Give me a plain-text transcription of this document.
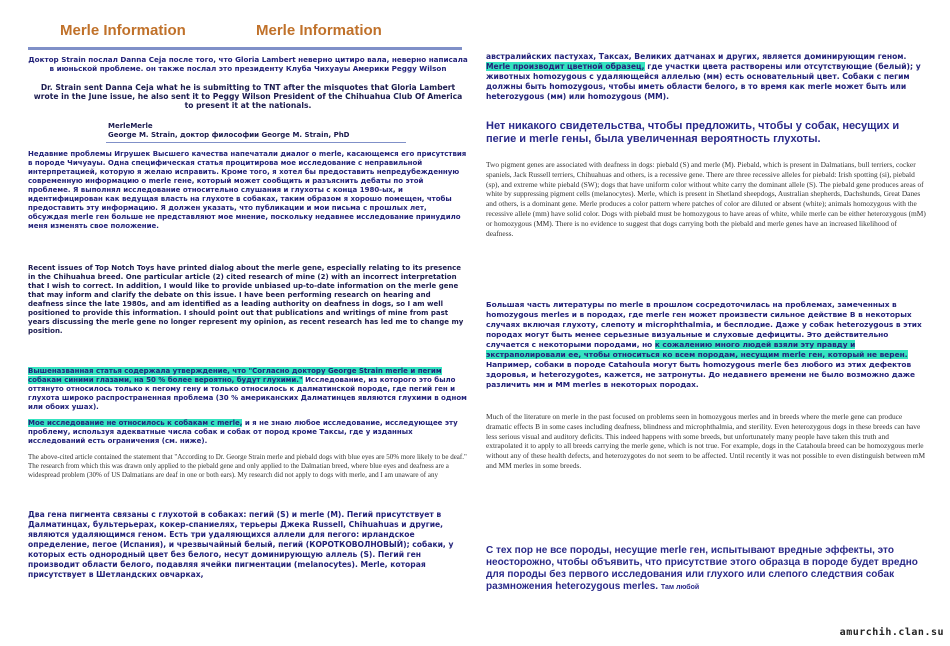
Merle Information	Merle Information
Доктор Strain послал Danna Ceja после того, что Gloria Lambert неверно цитиро вала, неверно написала в июньской проблеме. он также послал это президенту Клуба Чихуауы Америки Peggy Wilson
Dr. Strain sent Danna Ceja what he is submitting to TNT after the misquotes that Gloria Lambert wrote in the June issue, he also sent it to Peggy Wilson President of the Chihuahua Club Of America to present it at the nationals.
MerleMerle
George M. Strain, доктор философии George M. Strain, PhD
Недавние проблемы Игрушек Высшего качества напечатали диалог о merle, касающемся его присутствия в породе Чичуауы. Одна специфическая статья процитирова мое исследование с неправильной интерпретацией, которую я желаю исправить. Кроме того, я хотел бы предоставить непредубежденную современную информацию о merle гене, который может сообщить и разъяснить дебаты по этой проблеме. Я выполнял исследование относительно слушания и глухоты с конца 1980-ых, и идентифицирован как ведущая власть на глухоте в собаках, таким образом я хорошо помещен, чтобы предоставить эту информацию. Я должен указать, что публикации и мои письма с прошлых лет, обсуждая merle ген больше не представляют мое мнение, поскольку недавнее исследование принудило меня изменять свое положение.
Recent issues of Top Notch Toys have printed dialog about the merle gene, especially relating to its presence in the Chihuahua breed. One particular article (2) cited research of mine (2) with an incorrect interpretation that I wish to correct. In addition, I would like to provide unbiased up-to-date information on the merle gene that may inform and clarify the debate on this issue. I have been performing research on hearing and deafness since the late 1980s, and am identified as a leading authority on deafness in dogs, so I am well positioned to provide this information. I should point out that publications and writings of mine from past years discussing the merle gene no longer represent my opinion, as recent research has led me to change my position.
Вышеназванная статья содержала утверждение, что "Согласно доктору George Strain merle и пегим собакам синими глазами, на 50 % более вероятно, будут глухими." Исследование, из которого это было оттянуто относилось только к пегому гену и только относилось к далматинской породе, где пегий ген и глухота широко распространенная проблема (30 % американских Далматинцев являются глухими в одном или обоих ушах).
Мое исследование не относилось к собакам с merle, и я не знаю любое исследование, исследующее эту проблему, используя адекватные числа собак и собак от пород кроме Таксы, где у изданных исследований есть ограничения (см. ниже).
The above-cited article contained the statement that "According to Dr. George Strain merle and piebald dogs with blue eyes are 50% more likely to be deaf." The research from which this was drawn only applied to the piebald gene and only applied to the Dalmatian breed, where blue eyes and deafness are a widespread problem (30% of US Dalmatians are deaf in one or both ears). My research did not apply to dogs with merle, and I am unaware of any
Два гена пигмента связаны с глухотой в собаках: пегий (S) и merle (M). Пегий присутствует в Далматинцах, бультерьерах, кокер-спаниелях, терьеры Джека Russell, Chihuahuas и другие, являются удаляющимся геном. Есть три удаляющихся аллели для пегого: ирландское определение, пегое (Испания), и чрезвычайный белый, пегий (КОРОТКОВОЛНОВЫЙ); собаки, у которых есть однородный цвет без белого, несут доминирующую аллель (S). Пегий ген производит области белого, подавляя ячейки пигментации (melanocytes). Merle, которая присутствует в Шетландских овчарках,
австралийских пастухах, Таксах, Великих датчанах и других, является доминирующим геном. Merle производит цветной образец, где участки цвета растворены или отсутствующие (белый); у животных homozygous с удаляющейся аллелью (мм) есть основательный цвет. Собаки с пегим должны быть homozygous, чтобы иметь области белого, в то время как merle может быть или heterozygous (мм) или homozygous (MM).
Нет никакого свидетельства, чтобы предложить, чтобы у собак, несущих и пегие и merle гены, была увеличенная вероятность глухоты.
Two pigment genes are associated with deafness in dogs: piebald (S) and merle (M). Piebald, which is present in Dalmatians, bull terriers, cocker spaniels, Jack Russell terriers, Chihuahuas and others, is a recessive gene. There are three recessive alleles for piebald: Irish spotting (si), piebald (sp), and extreme white piebald (SW); dogs that have uniform color without white carry the dominant allele (S). The piebald gene produces areas of white by suppressing pigment cells (melanocytes). Merle, which is present in Shetland sheepdogs, Australian shepherds, Dachshunds, Great Danes and others, is a dominant gene. Merle produces a color pattern where patches of color are diluted or absent (white); animals homozygous with the recessive allele (mm) have solid color. Dogs with piebald must be homozygous to have areas of white, while merle can be either heterozygous (mM) or homozygous (MM). There is no evidence to suggest that dogs carrying both the piebald and merle genes have an increased likelihood of deafness.
Большая часть литературы по merle в прошлом сосредоточилась на проблемах, замеченных в homozygous merles и в породах, где merle ген может произвести сильное действие В в некоторых случаях включая глухоту, слепоту и microphthalmia, и бесплодие. Даже у собак heterozygous в этих породах могут быть менее серьезные визуальные и слуховые дефициты. Это действительно случается с некоторыми породами, но к сожалению много людей взяли эту правду и экстраполировали ее, чтобы относиться ко всем породам, несущим merle ген, который не верен. Например, собаки в породе Catahoula могут быть homozygous merle без любого из этих дефектов здоровья, и heterozygotes, кажется, не затронуты. До недавнего времени не было возможно даже различить мм и MM merles в некоторых породах.
Much of the literature on merle in the past focused on problems seen in homozygous merles and in breeds where the merle gene can produce dramatic effects B in some cases including deafness, blindness and microphthalmia, and sterility. Even heterozygous dogs in these breeds can have less serious visual and auditory deficits. This indeed happens with some breeds, but unfortunately many people have taken this truth and extrapolated it to apply to all breeds carrying the merle gene, which is not true. For example, dogs in the Catahoula breed can be homozygous merle without any of these health defects, and heterozygotes do not seem to be affected. Until recently it was not possible to even distinguish between mM and MM merles in some breeds.
С тех пор не все породы, несущие merle ген, испытывают вредные эффекты, это неосторожно, чтобы объявить, что присутствие этого образца в породе будет вредно для породы без первого исследования или глухого или слепого следствия собак размножения heterozygous merles. Там любой
amurchih.clan.su
